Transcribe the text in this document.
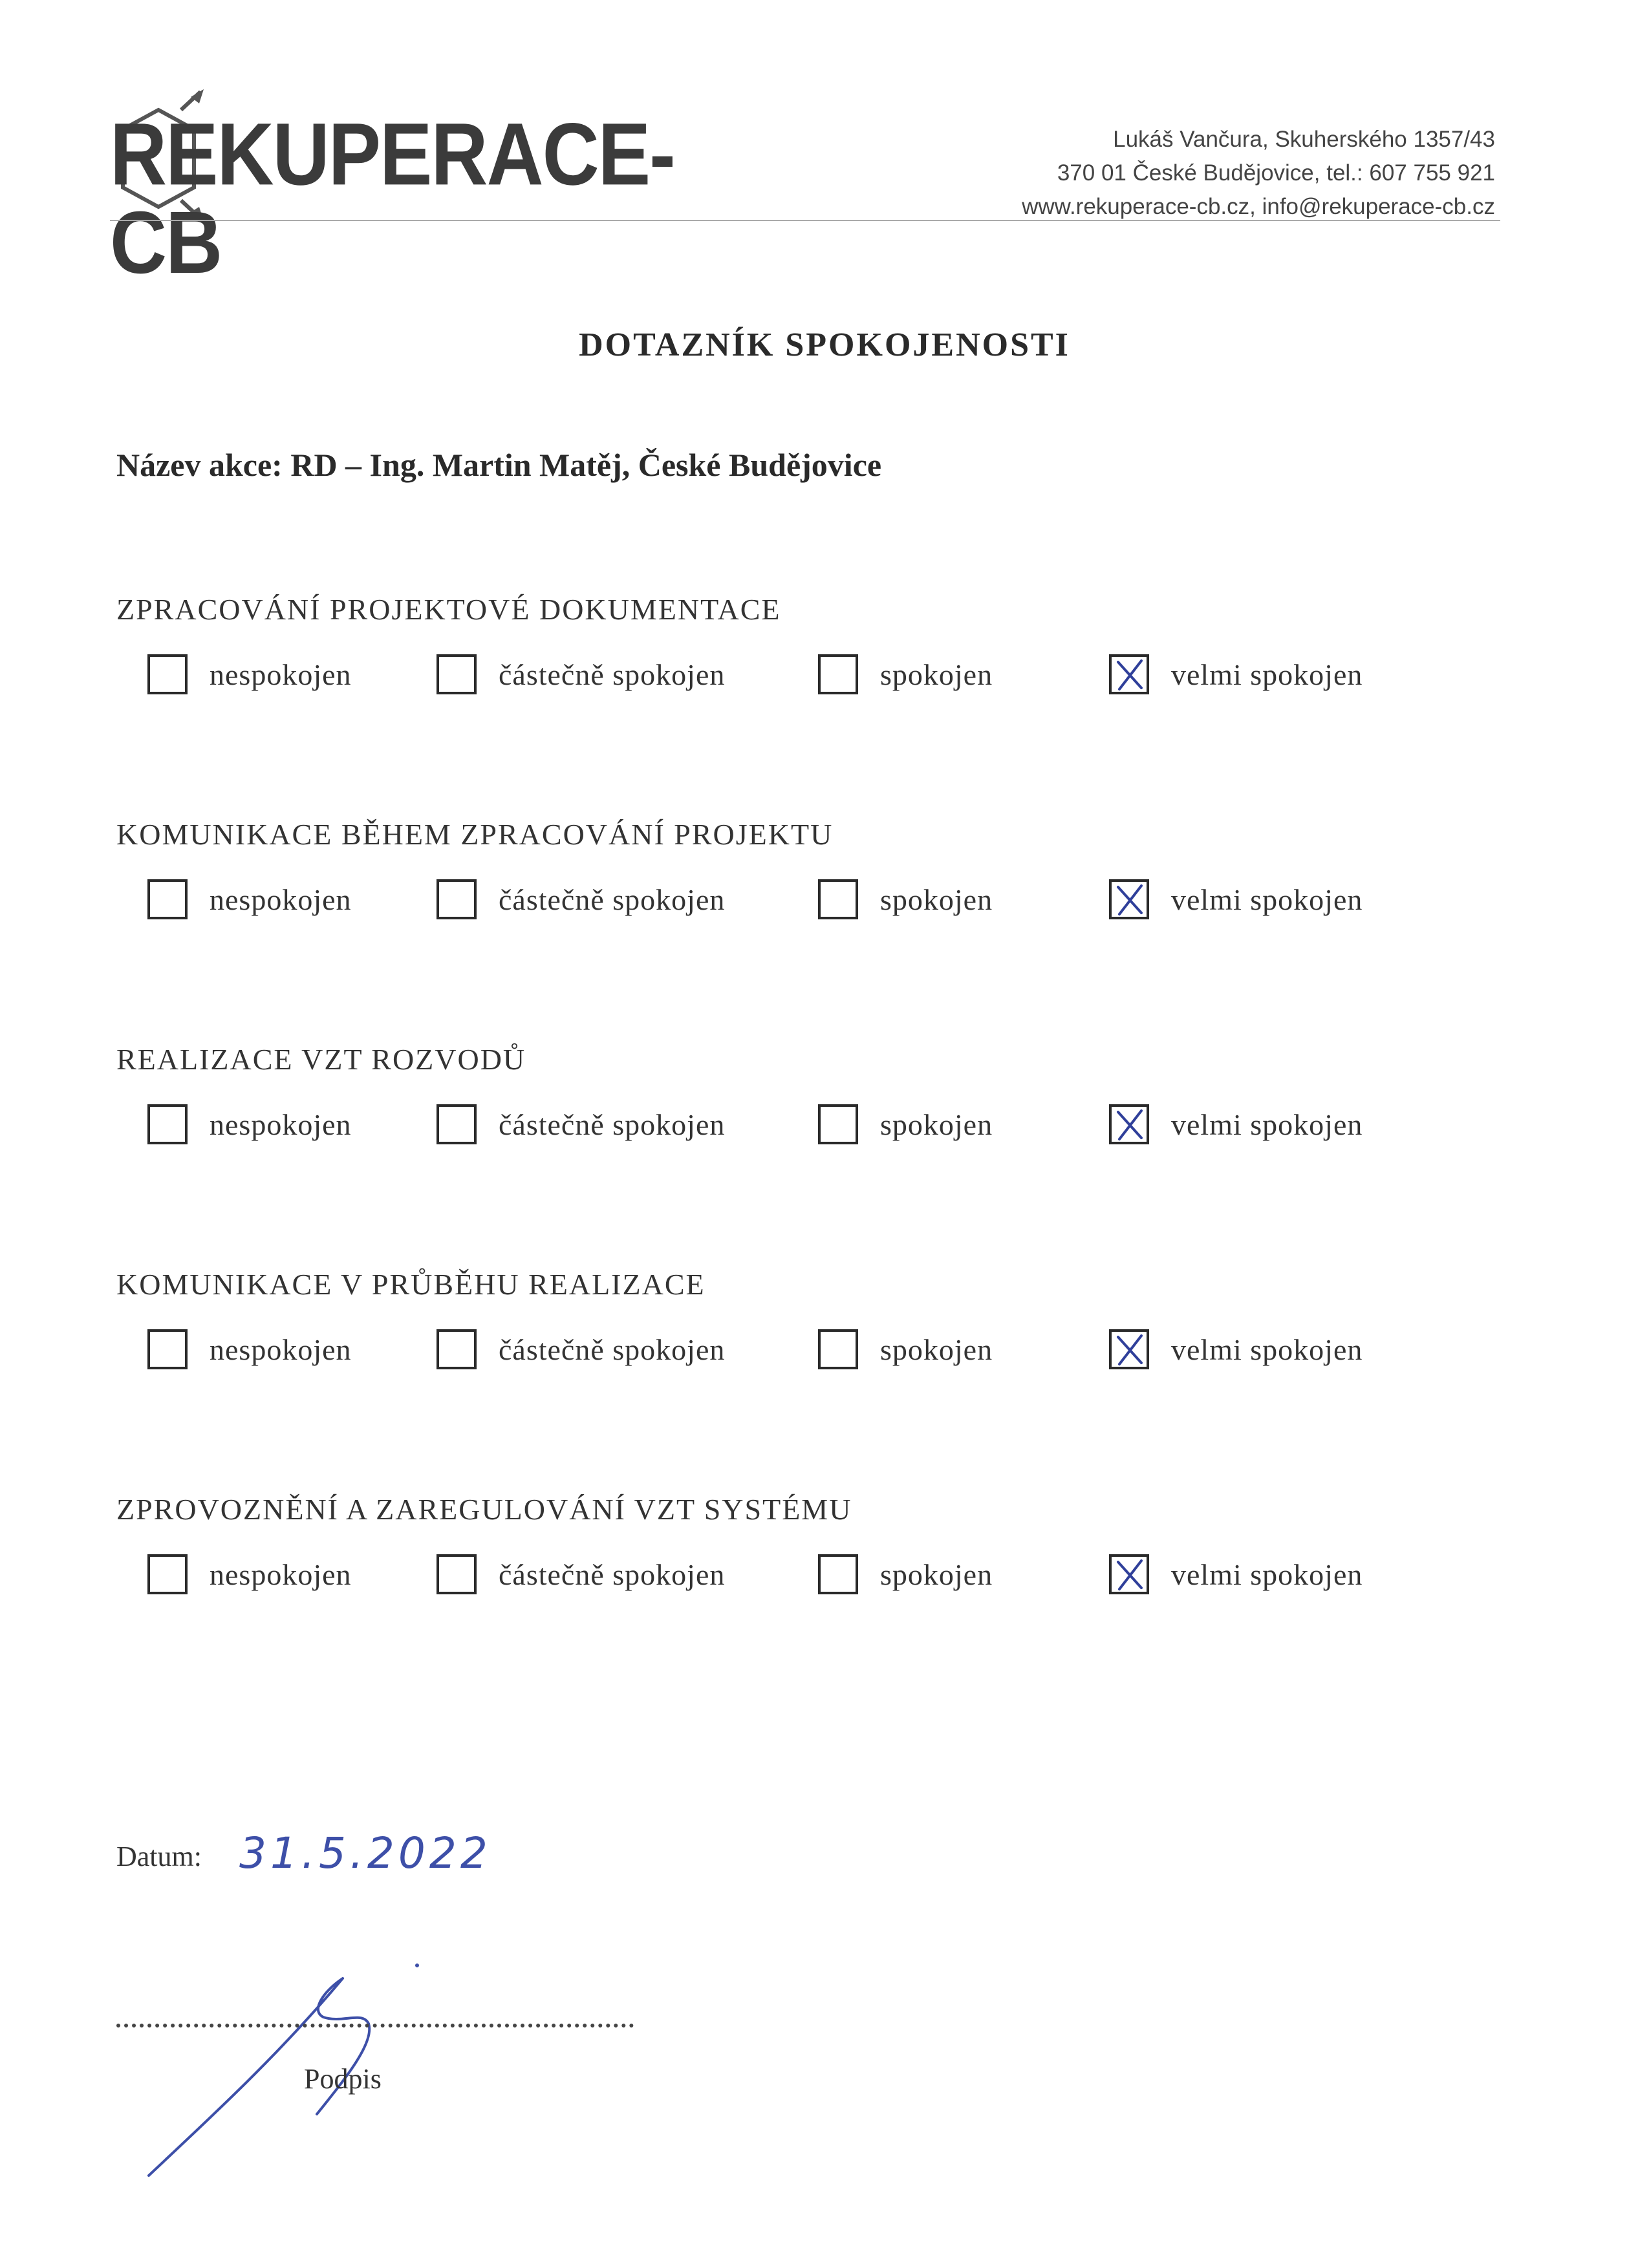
REKUPERACE-CB
Lukáš Vančura, Skuherského 1357/43
370 01 České Budějovice, tel.: 607 755 921
www.rekuperace-cb.cz, info@rekuperace-cb.cz
DOTAZNÍK SPOKOJENOSTI
Název akce: RD – Ing. Martin Matěj, České Budějovice
ZPRACOVÁNÍ PROJEKTOVÉ DOKUMENTACE
nespokojen	částečně spokojen	spokojen	velmi spokojen
KOMUNIKACE BĚHEM ZPRACOVÁNÍ PROJEKTU
nespokojen	částečně spokojen	spokojen	velmi spokojen
REALIZACE VZT ROZVODŮ
nespokojen	částečně spokojen	spokojen	velmi spokojen
KOMUNIKACE V PRŮBĚHU REALIZACE
nespokojen	částečně spokojen	spokojen	velmi spokojen
ZPROVOZNĚNÍ A ZAREGULOVÁNÍ VZT SYSTÉMU
nespokojen	částečně spokojen	spokojen	velmi spokojen
Datum: 31.5.2022
Podpis
